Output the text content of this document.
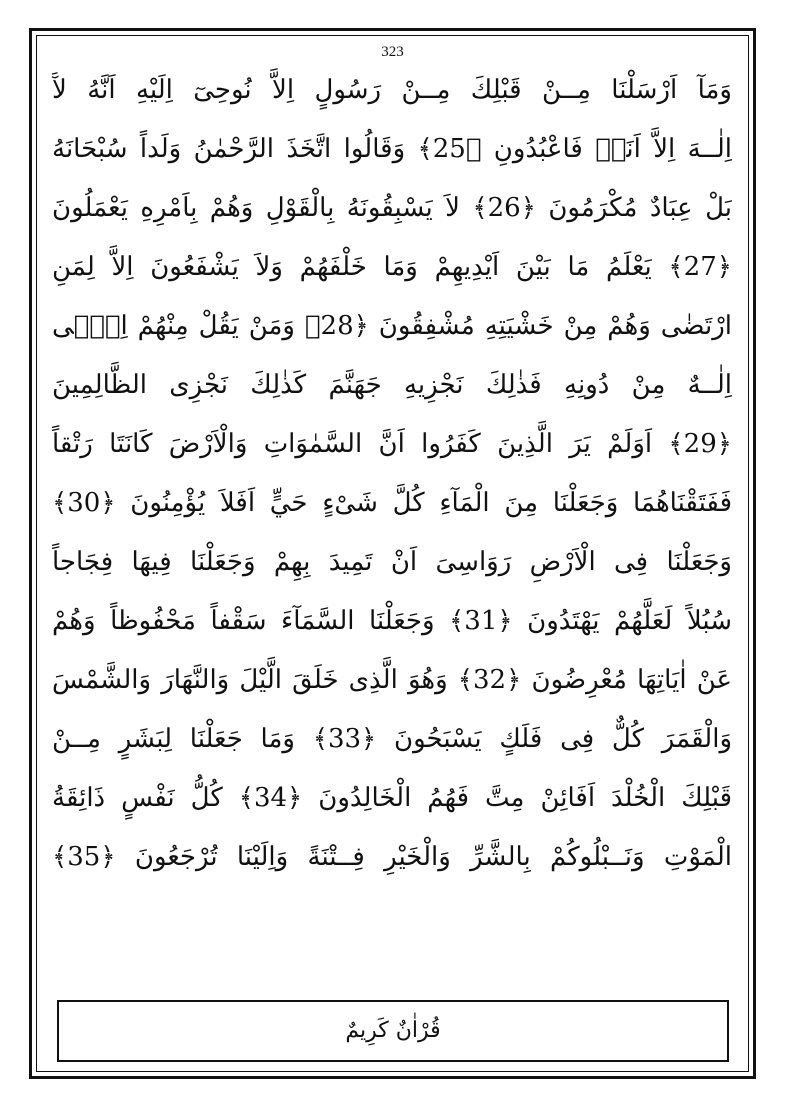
323
وَمَآ اَرْسَلْنَا مِــنْ قَبْلِكَ مِــنْ رَسُولٍ اِلاَّ نُوحِىٓ اِلَيْهِ اَنَّهُ لآَ
اِلٰــهَ اِلاَّ اَنَا۬ فَاعْبُدُونِ ﴿25﴾ وَقَالُوا اتَّخَذَ الرَّحْمٰنُ وَلَداً سُبْحَانَهُ
بَلْ عِبَادٌ مُكْرَمُونَ ﴿26﴾ لاَ يَسْبِقُونَهُ بِالْقَوْلِ وَهُمْ بِاَمْرِهِ يَعْمَلُونَ
﴿27﴾ يَعْلَمُ مَا بَيْنَ اَيْدِيهِمْ وَمَا خَلْفَهُمْ وَلاَ يَشْفَعُونَ اِلاَّ لِمَنِ
ارْتَضٰى وَهُمْ مِنْ خَشْيَتِهِ مُشْفِقُونَ ﴿28﴾ وَمَنْ يَقُلْ مِنْهُمْ اِنّٖى
اِلٰــهٌ مِنْ دُونِهِ فَذٰلِكَ نَجْزِيهِ جَهَنَّمَ كَذٰلِكَ نَجْزِى الظَّالِمِينَ
﴿29﴾ اَوَلَمْ يَرَ الَّذِينَ كَفَرُوا اَنَّ السَّمٰوَاتِ وَالْاَرْضَ كَانَتَا رَتْقاً
فَفَتَقْنَاهُمَا وَجَعَلْنَا مِنَ الْمَآءِ كُلَّ شَىْءٍ حَيٍّ اَفَلاَ يُؤْمِنُونَ ﴿30﴾
وَجَعَلْنَا فِى الْاَرْضِ رَوَاسِىَ اَنْ تَمِيدَ بِهِمْ وَجَعَلْنَا فِيهَا فِجَاجاً
سُبُلاً لَعَلَّهُمْ يَهْتَدُونَ ﴿31﴾ وَجَعَلْنَا السَّمَآءَ سَقْفاً مَحْفُوظاً وَهُمْ
عَنْ اٰيَاتِهَا مُعْرِضُونَ ﴿32﴾ وَهُوَ الَّذِى خَلَقَ الَّيْلَ وَالنَّهَارَ وَالشَّمْسَ
وَالْقَمَرَ كُلٌّ فِى فَلَكٍ يَسْبَحُونَ ﴿33﴾ وَمَا جَعَلْنَا لِبَشَرٍ مِــنْ
قَبْلِكَ الْخُلْدَ اَفَائِنْ مِتَّ فَهُمُ الْخَالِدُونَ ﴿34﴾ كُلُّ نَفْسٍ ذَائِقَةُ
الْمَوْتِ وَنَــبْلُوكُمْ بِالشَّرِّ وَالْخَيْرِ فِــتْنَةً وَاِلَيْنَا تُرْجَعُونَ ﴿35﴾
قُرْاٰنٌ كَرِيمٌ
